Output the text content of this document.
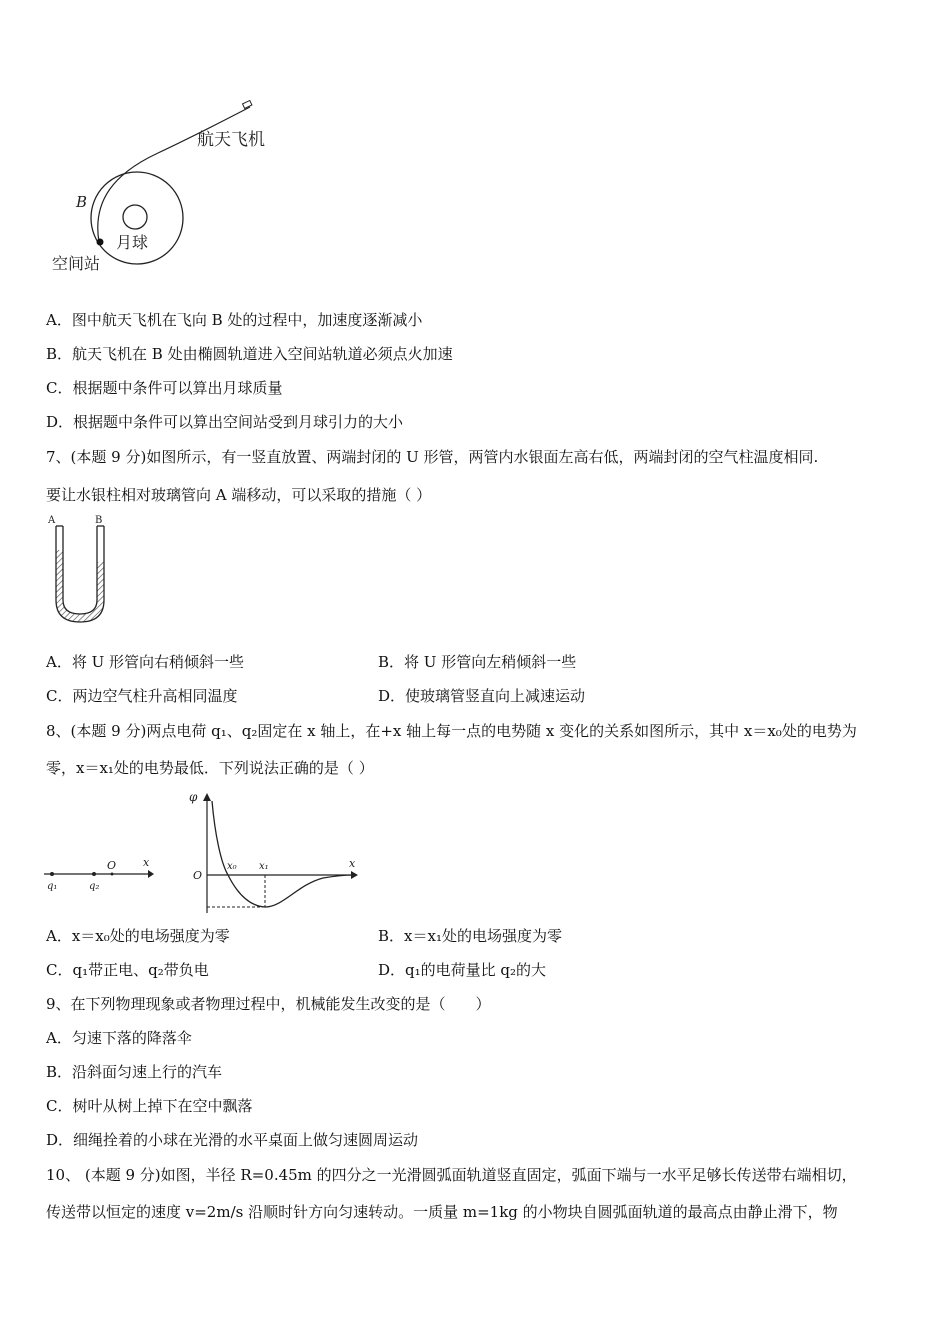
航天飞机
B
月球
空间站
A．图中航天飞机在飞向 B 处的过程中，加速度逐渐减小
B．航天飞机在 B 处由椭圆轨道进入空间站轨道必须点火加速
C．根据题中条件可以算出月球质量
D．根据题中条件可以算出空间站受到月球引力的大小
7、(本题 9 分)如图所示，有一竖直放置、两端封闭的 U 形管，两管内水银面左高右低，两端封闭的空气柱温度相同.
要让水银柱相对玻璃管向 A 端移动，可以采取的措施（ ）
A	B
A．将 U 形管向右稍倾斜一些	B．将 U 形管向左稍倾斜一些
C．两边空气柱升高相同温度	D．使玻璃管竖直向上减速运动
8、(本题 9 分)两点电荷 q₁、q₂固定在 x 轴上，在+x 轴上每一点的电势随 x 变化的关系如图所示，其中 x＝x₀处的电势为
零，x＝x₁处的电势最低．下列说法正确的是（ ）
q₁	q₂
O x
φ
O
x₀ x₁	x
A．x＝x₀处的电场强度为零	B．x＝x₁处的电场强度为零
C．q₁带正电、q₂带负电	D．q₁的电荷量比 q₂的大
9、在下列物理现象或者物理过程中，机械能发生改变的是（　　）
A．匀速下落的降落伞
B．沿斜面匀速上行的汽车
C．树叶从树上掉下在空中飘落
D．细绳拴着的小球在光滑的水平桌面上做匀速圆周运动
10、 (本题 9 分)如图，半径 R=0.45m 的四分之一光滑圆弧面轨道竖直固定，弧面下端与一水平足够长传送带右端相切，
传送带以恒定的速度 v=2m/s 沿顺时针方向匀速转动。一质量 m=1kg 的小物块自圆弧面轨道的最高点由静止滑下，物
